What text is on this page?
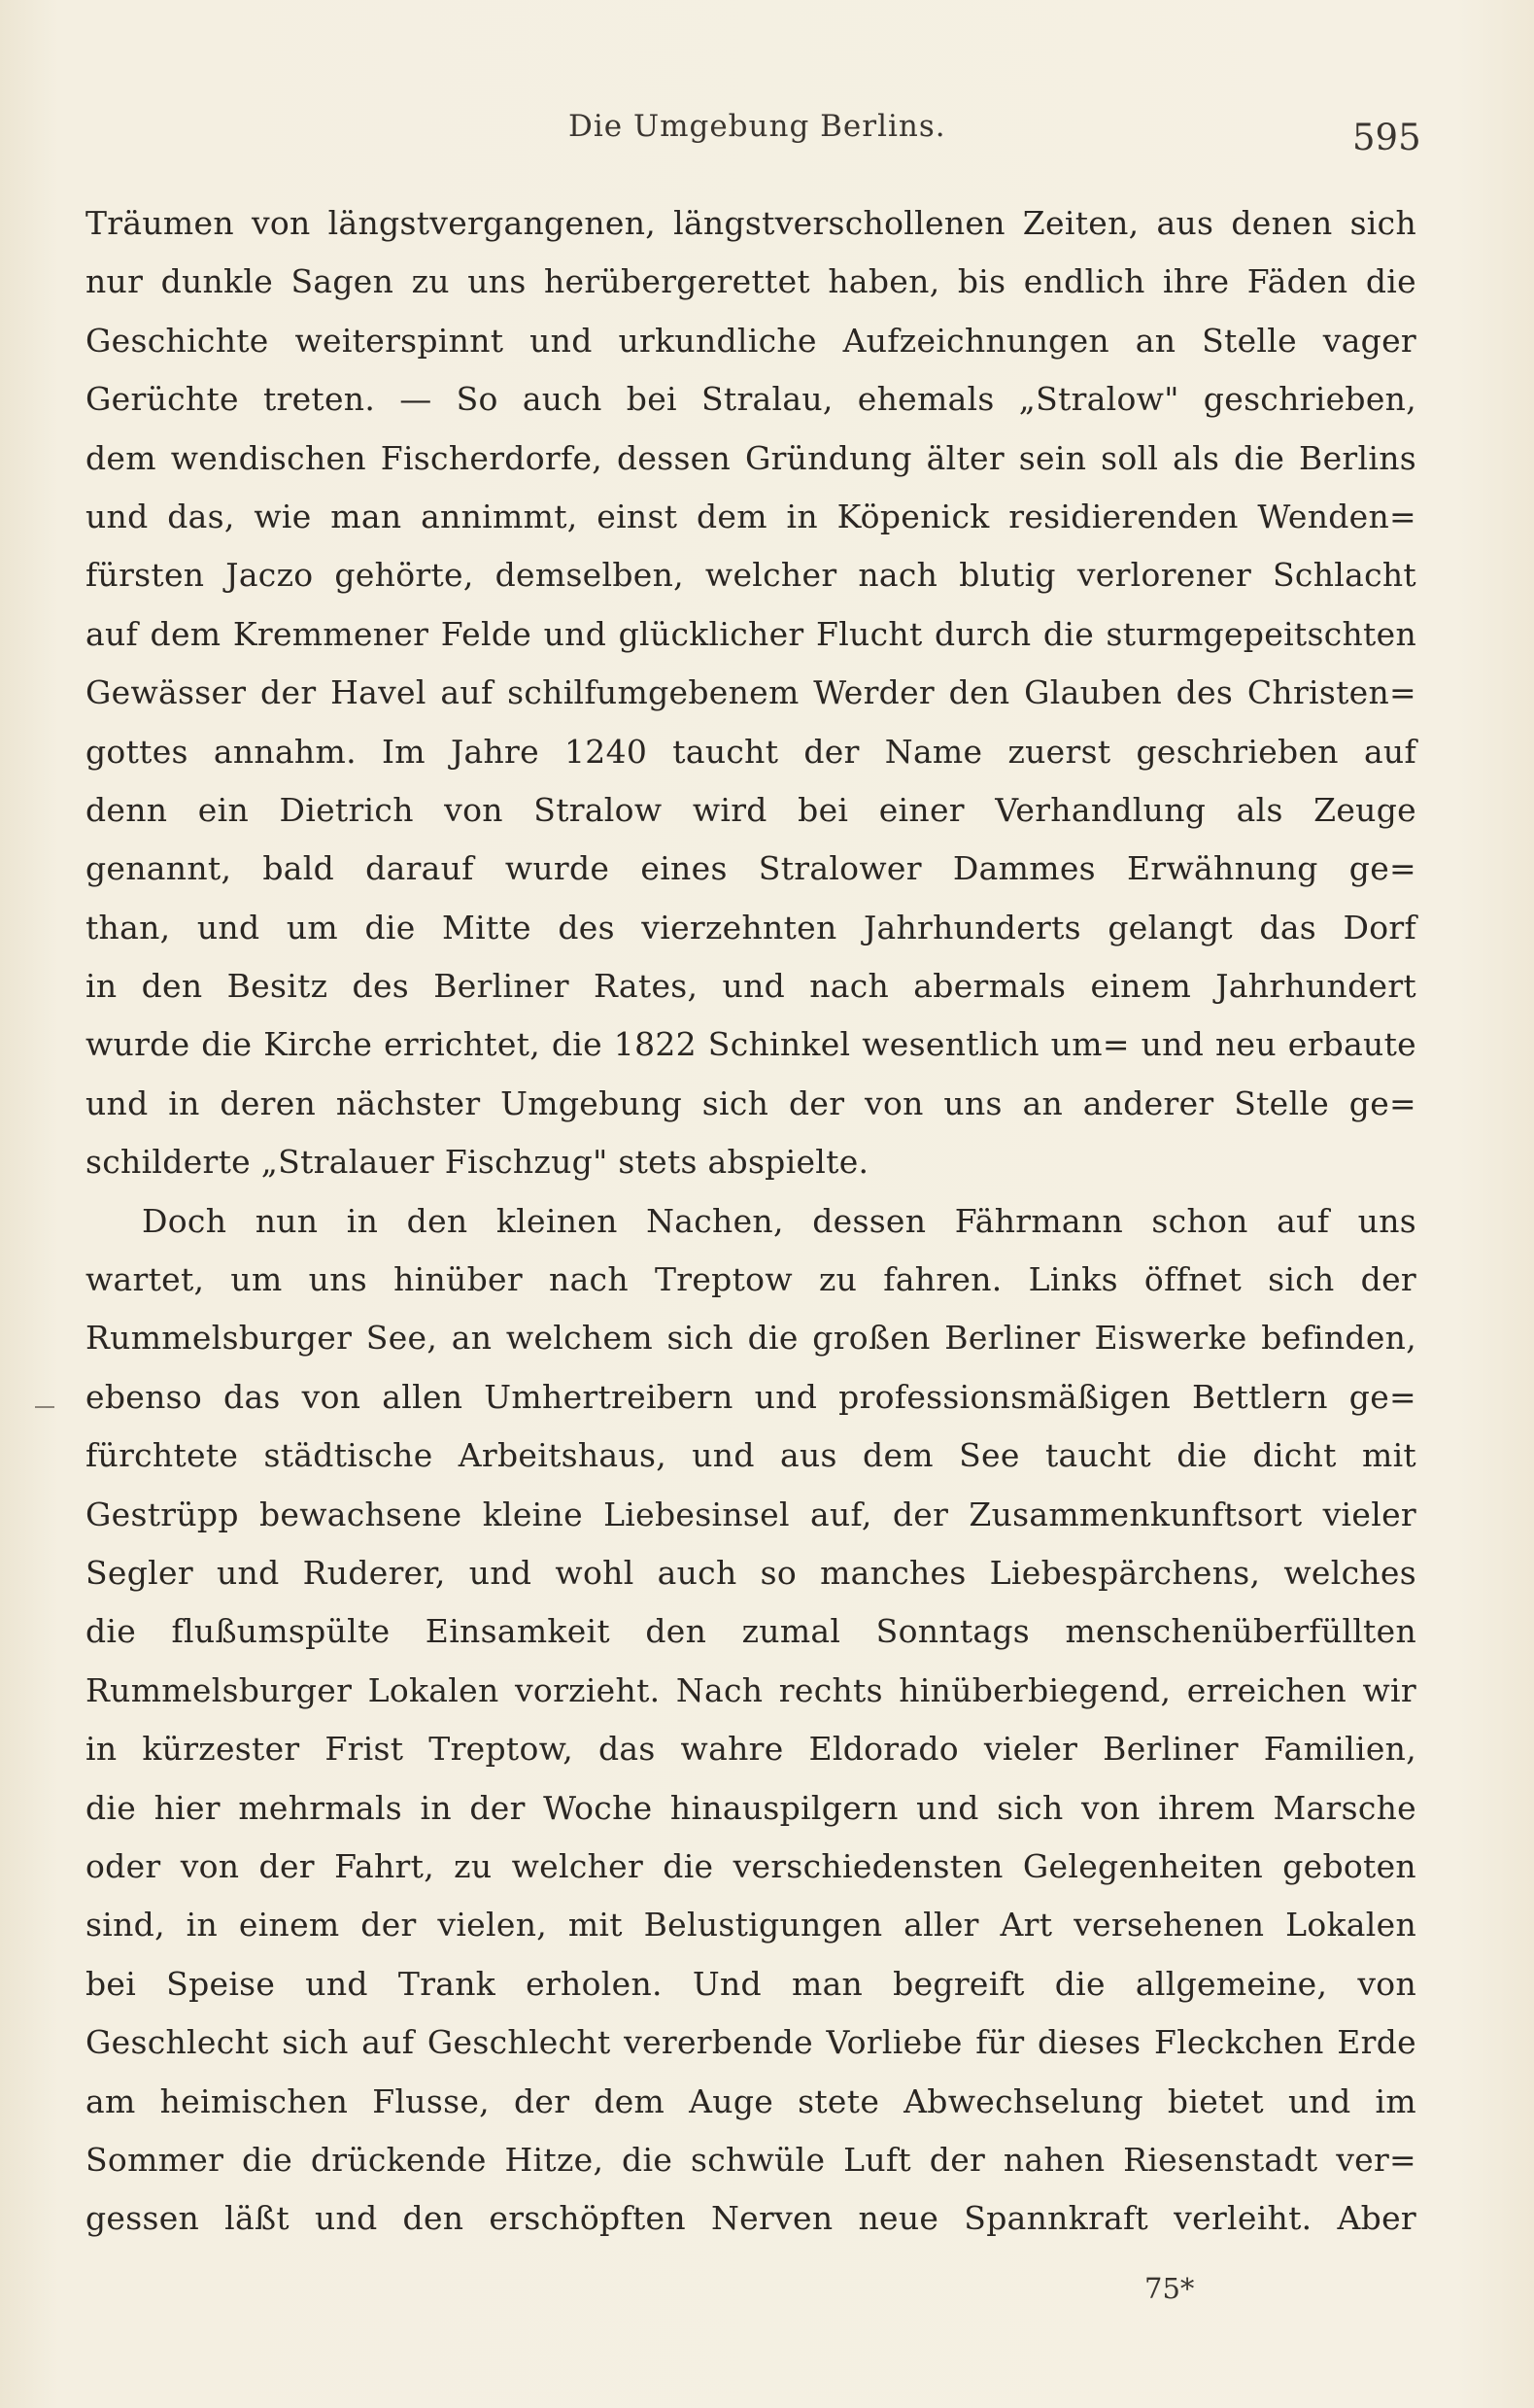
Die Umgebung Berlins.	595
Träumen von längstvergangenen, längstverschollenen Zeiten, aus denen sich
nur dunkle Sagen zu uns herübergerettet haben, bis endlich ihre Fäden die
Geschichte weiterspinnt und urkundliche Aufzeichnungen an Stelle vager
Gerüchte treten. — So auch bei Stralau, ehemals „Stralow" geschrieben,
dem wendischen Fischerdorfe, dessen Gründung älter sein soll als die Berlins
und das, wie man annimmt, einst dem in Köpenick residierenden Wenden=
fürsten Jaczo gehörte, demselben, welcher nach blutig verlorener Schlacht
auf dem Kremmener Felde und glücklicher Flucht durch die sturmgepeitschten
Gewässer der Havel auf schilfumgebenem Werder den Glauben des Christen=
gottes annahm. Im Jahre 1240 taucht der Name zuerst geschrieben auf
denn ein Dietrich von Stralow wird bei einer Verhandlung als Zeuge
genannt, bald darauf wurde eines Stralower Dammes Erwähnung ge=
than, und um die Mitte des vierzehnten Jahrhunderts gelangt das Dorf
in den Besitz des Berliner Rates, und nach abermals einem Jahrhundert
wurde die Kirche errichtet, die 1822 Schinkel wesentlich um= und neu erbaute
und in deren nächster Umgebung sich der von uns an anderer Stelle ge=
schilderte „Stralauer Fischzug" stets abspielte.
Doch nun in den kleinen Nachen, dessen Fährmann schon auf uns
wartet, um uns hinüber nach Treptow zu fahren. Links öffnet sich der
Rummelsburger See, an welchem sich die großen Berliner Eiswerke befinden,
ebenso das von allen Umhertreibern und professionsmäßigen Bettlern ge=
fürchtete städtische Arbeitshaus, und aus dem See taucht die dicht mit
Gestrüpp bewachsene kleine Liebesinsel auf, der Zusammenkunftsort vieler
Segler und Ruderer, und wohl auch so manches Liebespärchens, welches
die flußumspülte Einsamkeit den zumal Sonntags menschenüberfüllten
Rummelsburger Lokalen vorzieht. Nach rechts hinüberbiegend, erreichen wir
in kürzester Frist Treptow, das wahre Eldorado vieler Berliner Familien,
die hier mehrmals in der Woche hinauspilgern und sich von ihrem Marsche
oder von der Fahrt, zu welcher die verschiedensten Gelegenheiten geboten
sind, in einem der vielen, mit Belustigungen aller Art versehenen Lokalen
bei Speise und Trank erholen. Und man begreift die allgemeine, von
Geschlecht sich auf Geschlecht vererbende Vorliebe für dieses Fleckchen Erde
am heimischen Flusse, der dem Auge stete Abwechselung bietet und im
Sommer die drückende Hitze, die schwüle Luft der nahen Riesenstadt ver=
gessen läßt und den erschöpften Nerven neue Spannkraft verleiht. Aber
75*
